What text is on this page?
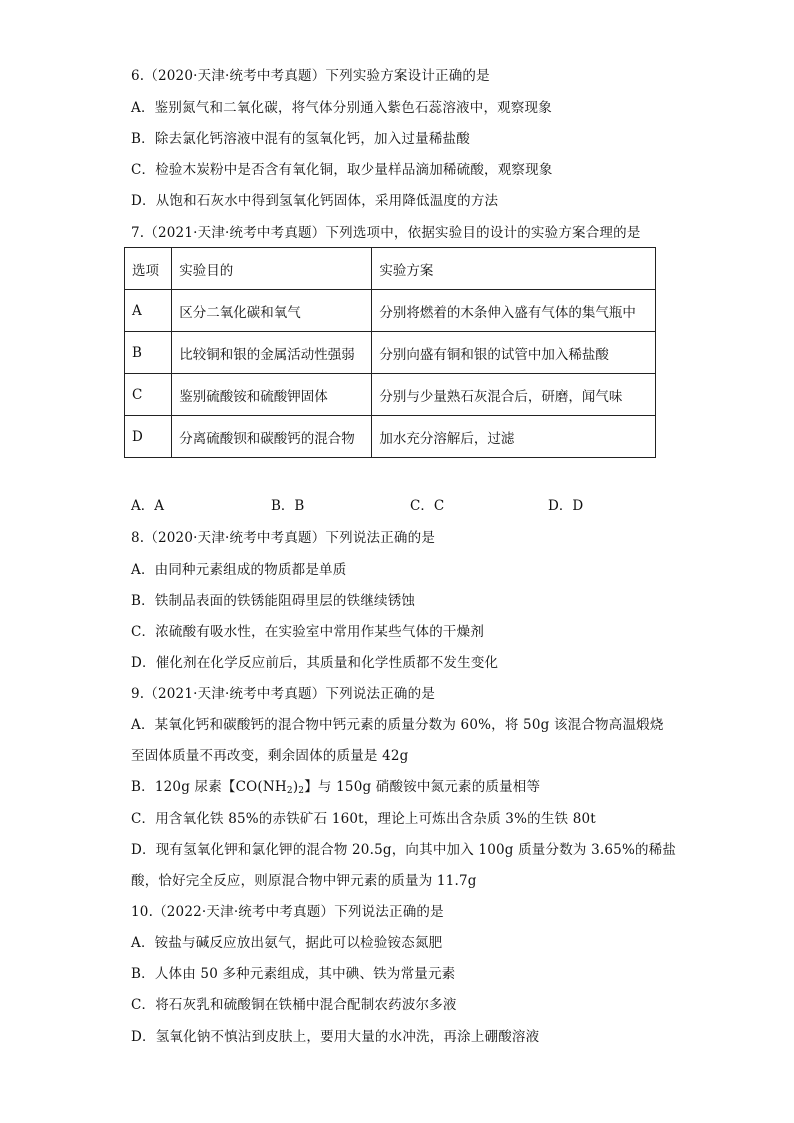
6.（2020·天津·统考中考真题）下列实验方案设计正确的是
A．鉴别氮气和二氧化碳，将气体分别通入紫色石蕊溶液中，观察现象
B．除去氯化钙溶液中混有的氢氧化钙，加入过量稀盐酸
C．检验木炭粉中是否含有氧化铜，取少量样品滴加稀硫酸，观察现象
D．从饱和石灰水中得到氢氧化钙固体，采用降低温度的方法
7.（2021·天津·统考中考真题）下列选项中，依据实验目的设计的实验方案合理的是
选项	实验目的	实验方案
A	区分二氧化碳和氧气	分别将燃着的木条伸入盛有气体的集气瓶中
B	比较铜和银的金属活动性强弱	分别向盛有铜和银的试管中加入稀盐酸
C	鉴别硫酸铵和硫酸钾固体	分别与少量熟石灰混合后，研磨，闻气味
D	分离硫酸钡和碳酸钙的混合物	加水充分溶解后，过滤
A．A	B．B	C．C	D．D
8.（2020·天津·统考中考真题）下列说法正确的是
A．由同种元素组成的物质都是单质
B．铁制品表面的铁锈能阻碍里层的铁继续锈蚀
C．浓硫酸有吸水性，在实验室中常用作某些气体的干燥剂
D．催化剂在化学反应前后，其质量和化学性质都不发生变化
9.（2021·天津·统考中考真题）下列说法正确的是
A．某氧化钙和碳酸钙的混合物中钙元素的质量分数为 60%，将 50g 该混合物高温煅烧
至固体质量不再改变，剩余固体的质量是 42g
B．120g 尿素【$CO(NH_2)_2$】与 150g 硝酸铵中氮元素的质量相等
C．用含氧化铁 85%的赤铁矿石 160t，理论上可炼出含杂质 3%的生铁 80t
D．现有氢氧化钾和氯化钾的混合物 20.5g，向其中加入 100g 质量分数为 3.65%的稀盐
酸，恰好完全反应，则原混合物中钾元素的质量为 11.7g
10.（2022·天津·统考中考真题）下列说法正确的是
A．铵盐与碱反应放出氨气，据此可以检验铵态氮肥
B．人体由 50 多种元素组成，其中碘、铁为常量元素
C．将石灰乳和硫酸铜在铁桶中混合配制农药波尔多液
D．氢氧化钠不慎沾到皮肤上，要用大量的水冲洗，再涂上硼酸溶液
